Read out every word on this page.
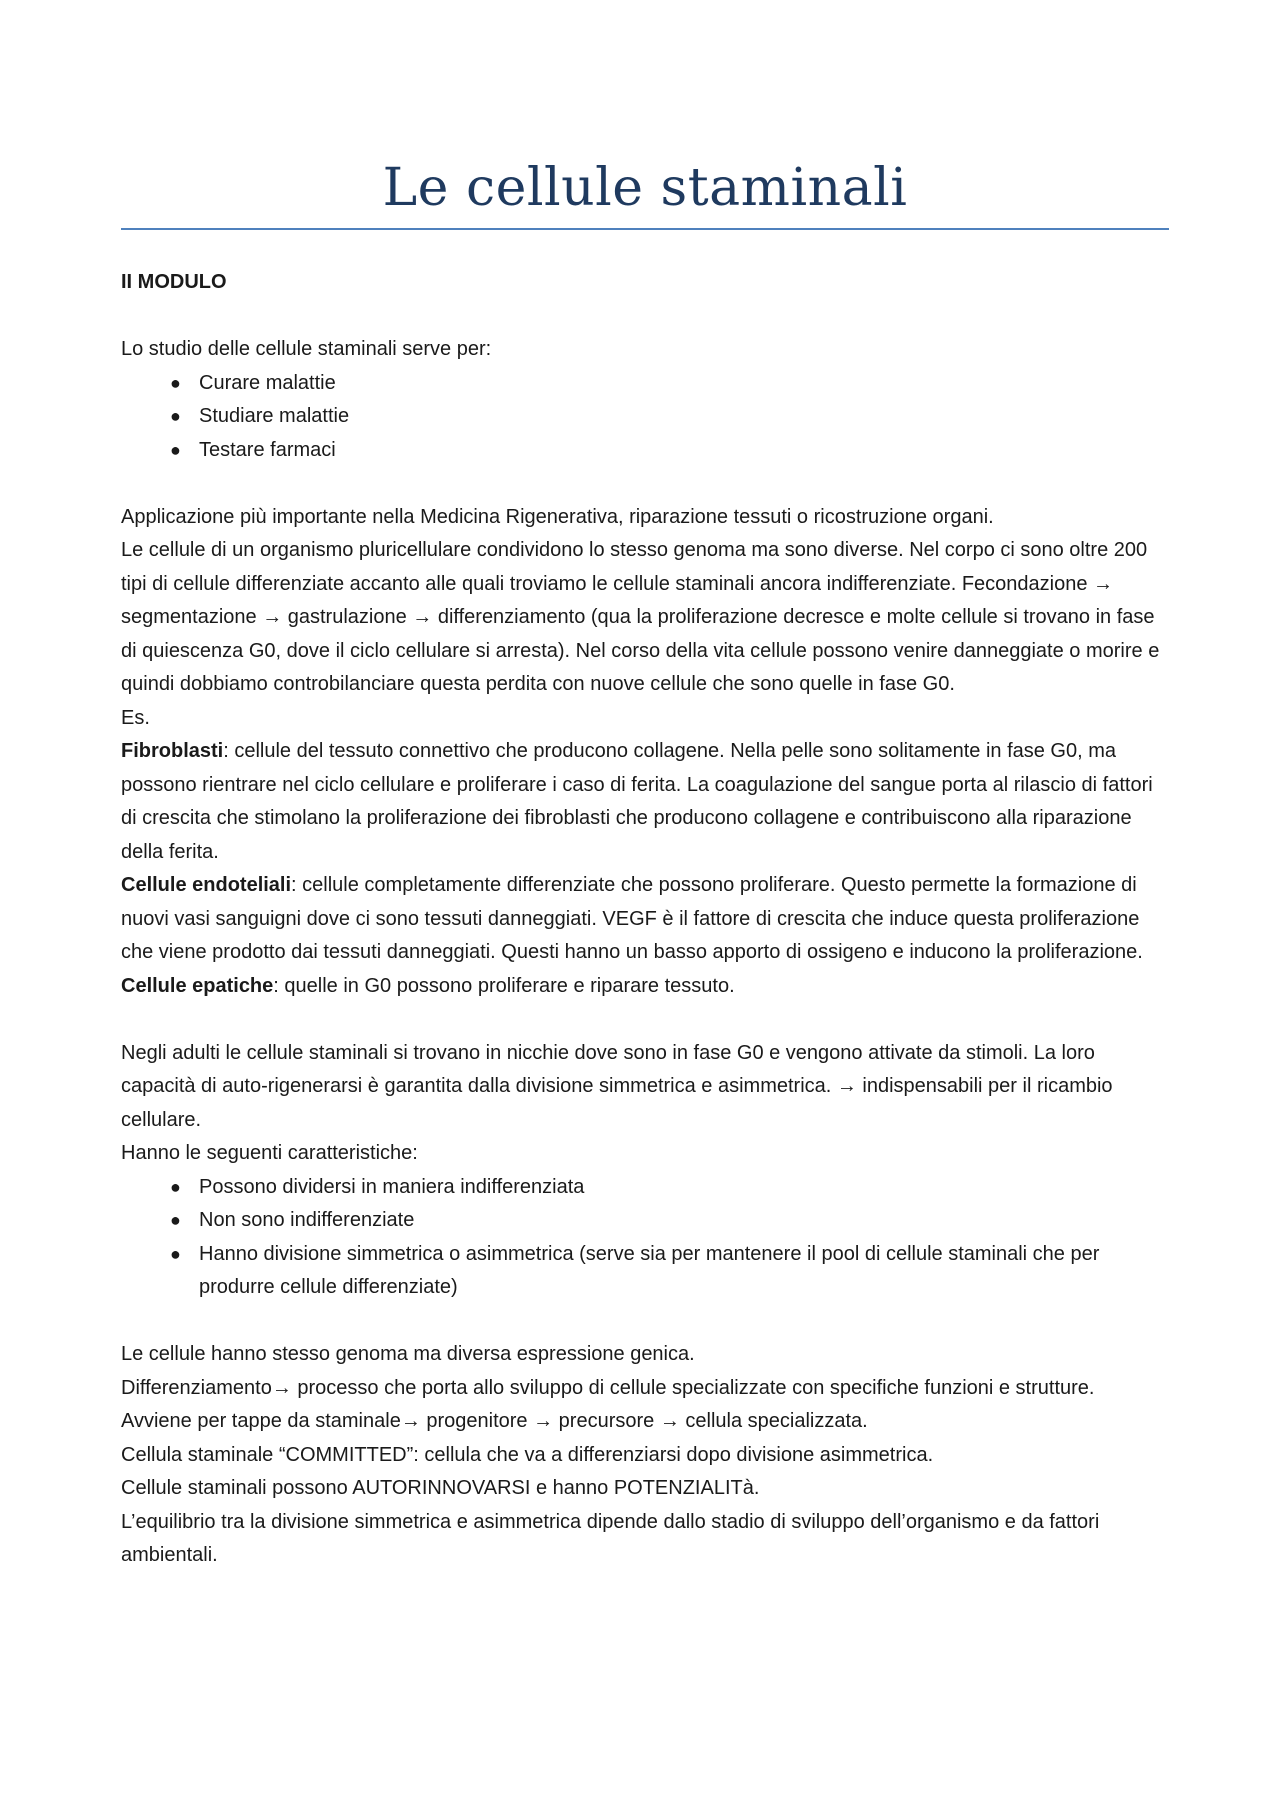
Le cellule staminali

II MODULO

Lo studio delle cellule staminali serve per:

● Curare malattie
● Studiare malattie
● Testare farmaci

Applicazione più importante nella Medicina Rigenerativa, riparazione tessuti o ricostruzione organi.

Le cellule di un organismo pluricellulare condividono lo stesso genoma ma sono diverse. Nel corpo ci sono oltre 200 tipi di cellule differenziate accanto alle quali troviamo le cellule staminali ancora indifferenziate. Fecondazione → segmentazione → gastrulazione → differenziamento (qua la proliferazione decresce e molte cellule si trovano in fase di quiescenza G0, dove il ciclo cellulare si arresta). Nel corso della vita cellule possono venire danneggiate o morire e quindi dobbiamo controbilanciare questa perdita con nuove cellule che sono quelle in fase G0.

Es.

Fibroblasti: cellule del tessuto connettivo che producono collagene. Nella pelle sono solitamente in fase G0, ma possono rientrare nel ciclo cellulare e proliferare i caso di ferita. La coagulazione del sangue porta al rilascio di fattori di crescita che stimolano la proliferazione dei fibroblasti che producono collagene e contribuiscono alla riparazione della ferita.

Cellule endoteliali: cellule completamente differenziate che possono proliferare. Questo permette la formazione di nuovi vasi sanguigni dove ci sono tessuti danneggiati. VEGF è il fattore di crescita che induce questa proliferazione che viene prodotto dai tessuti danneggiati. Questi hanno un basso apporto di ossigeno e inducono la proliferazione.

Cellule epatiche: quelle in G0 possono proliferare e riparare tessuto.

Negli adulti le cellule staminali si trovano in nicchie dove sono in fase G0 e vengono attivate da stimoli. La loro capacità di auto-rigenerarsi è garantita dalla divisione simmetrica e asimmetrica. → indispensabili per il ricambio cellulare.

Hanno le seguenti caratteristiche:

● Possono dividersi in maniera indifferenziata
● Non sono indifferenziate
● Hanno divisione simmetrica o asimmetrica (serve sia per mantenere il pool di cellule staminali che per produrre cellule differenziate)

Le cellule hanno stesso genoma ma diversa espressione genica.

Differenziamento→ processo che porta allo sviluppo di cellule specializzate con specifiche funzioni e strutture. Avviene per tappe da staminale→ progenitore → precursore → cellula specializzata.

Cellula staminale “COMMITTED”: cellula che va a differenziarsi dopo divisione asimmetrica.

Cellule staminali possono AUTORINNOVARSI e hanno POTENZIALITà.

L’equilibrio tra la divisione simmetrica e asimmetrica dipende dallo stadio di sviluppo dell’organismo e da fattori ambientali.
